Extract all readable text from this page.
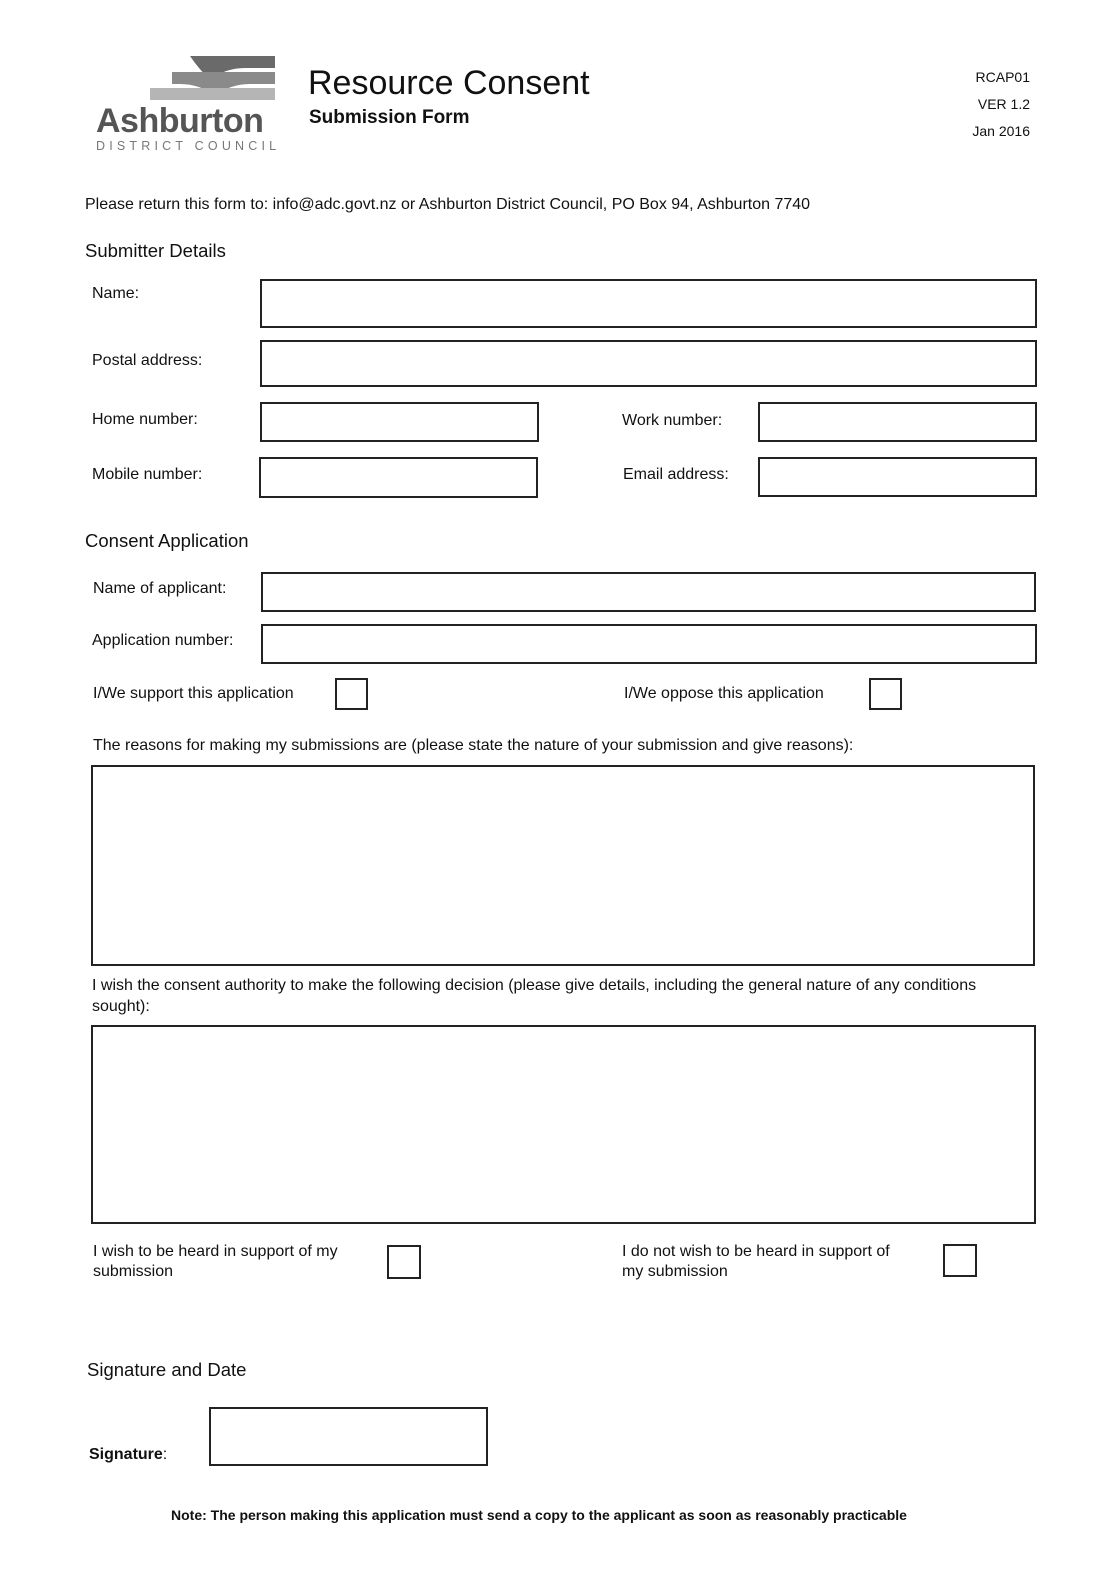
Ashburton
DISTRICT COUNCIL
Resource Consent
Submission Form
RCAP01
VER 1.2
Jan 2016
Please return this form to: info@adc.govt.nz or Ashburton District Council, PO Box 94, Ashburton 7740
Submitter Details
Name:
Postal address:
Home number:	Work number:
Mobile number:	Email address:
Consent Application
Name of applicant:
Application number:
I/We support this application	I/We oppose this application
The reasons for making my submissions are (please state the nature of your submission and give reasons):
I wish the consent authority to make the following decision (please give details, including the general nature of any conditions
sought):
I wish to be heard in support of my
submission
I do not wish to be heard in support of
my submission
Signature and Date
Signature:
Note: The person making this application must send a copy to the applicant as soon as reasonably practicable
